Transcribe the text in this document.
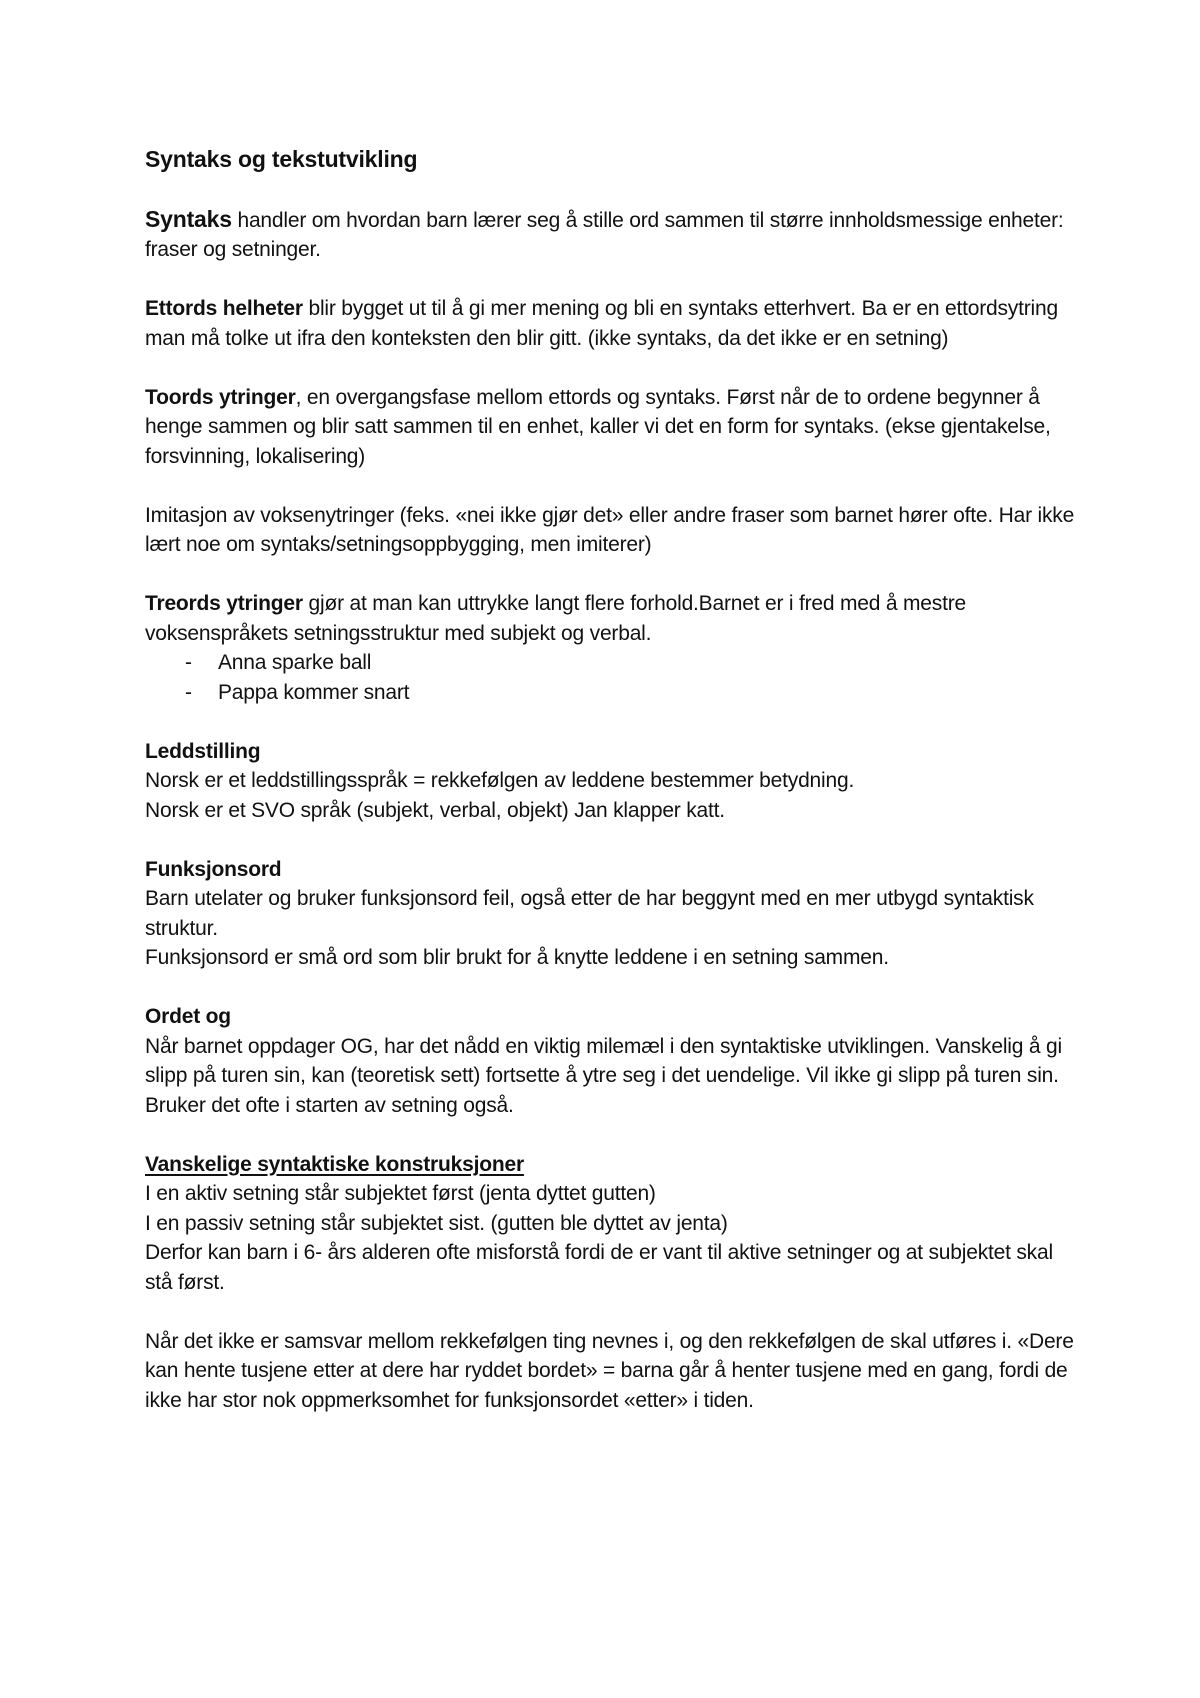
Syntaks og tekstutvikling

Syntaks handler om hvordan barn lærer seg å stille ord sammen til større innholdsmessige enheter: fraser og setninger.

Ettords helheter blir bygget ut til å gi mer mening og bli en syntaks etterhvert. Ba er en ettordsytring man må tolke ut ifra den konteksten den blir gitt. (ikke syntaks, da det ikke er en setning)

Toords ytringer, en overgangsfase mellom ettords og syntaks. Først når de to ordene begynner å henge sammen og blir satt sammen til en enhet, kaller vi det en form for syntaks. (ekse gjentakelse, forsvinning, lokalisering)

Imitasjon av voksenytringer (feks. «nei ikke gjør det» eller andre fraser som barnet hører ofte. Har ikke lært noe om syntaks/setningsoppbygging, men imiterer)

Treords ytringer gjør at man kan uttrykke langt flere forhold.Barnet er i fred med å mestre voksenspråkets setningsstruktur med subjekt og verbal.

- Anna sparke ball
- Pappa kommer snart

Leddstilling

Norsk er et leddstillingsspråk = rekkefølgen av leddene bestemmer betydning.

Norsk er et SVO språk (subjekt, verbal, objekt) Jan klapper katt.

Funksjonsord

Barn utelater og bruker funksjonsord feil, også etter de har beggynt med en mer utbygd syntaktisk struktur.

Funksjonsord er små ord som blir brukt for å knytte leddene i en setning sammen.

Ordet og

Når barnet oppdager OG, har det nådd en viktig milemæl i den syntaktiske utviklingen. Vanskelig å gi slipp på turen sin, kan (teoretisk sett) fortsette å ytre seg i det uendelige. Vil ikke gi slipp på turen sin. Bruker det ofte i starten av setning også.

Vanskelige syntaktiske konstruksjoner

I en aktiv setning står subjektet først (jenta dyttet gutten)

I en passiv setning står subjektet sist. (gutten ble dyttet av jenta)

Derfor kan barn i 6- års alderen ofte misforstå fordi de er vant til aktive setninger og at subjektet skal stå først.

Når det ikke er samsvar mellom rekkefølgen ting nevnes i, og den rekkefølgen de skal utføres i. «Dere kan hente tusjene etter at dere har ryddet bordet» = barna går å henter tusjene med en gang, fordi de ikke har stor nok oppmerksomhet for funksjonsordet «etter» i tiden.
